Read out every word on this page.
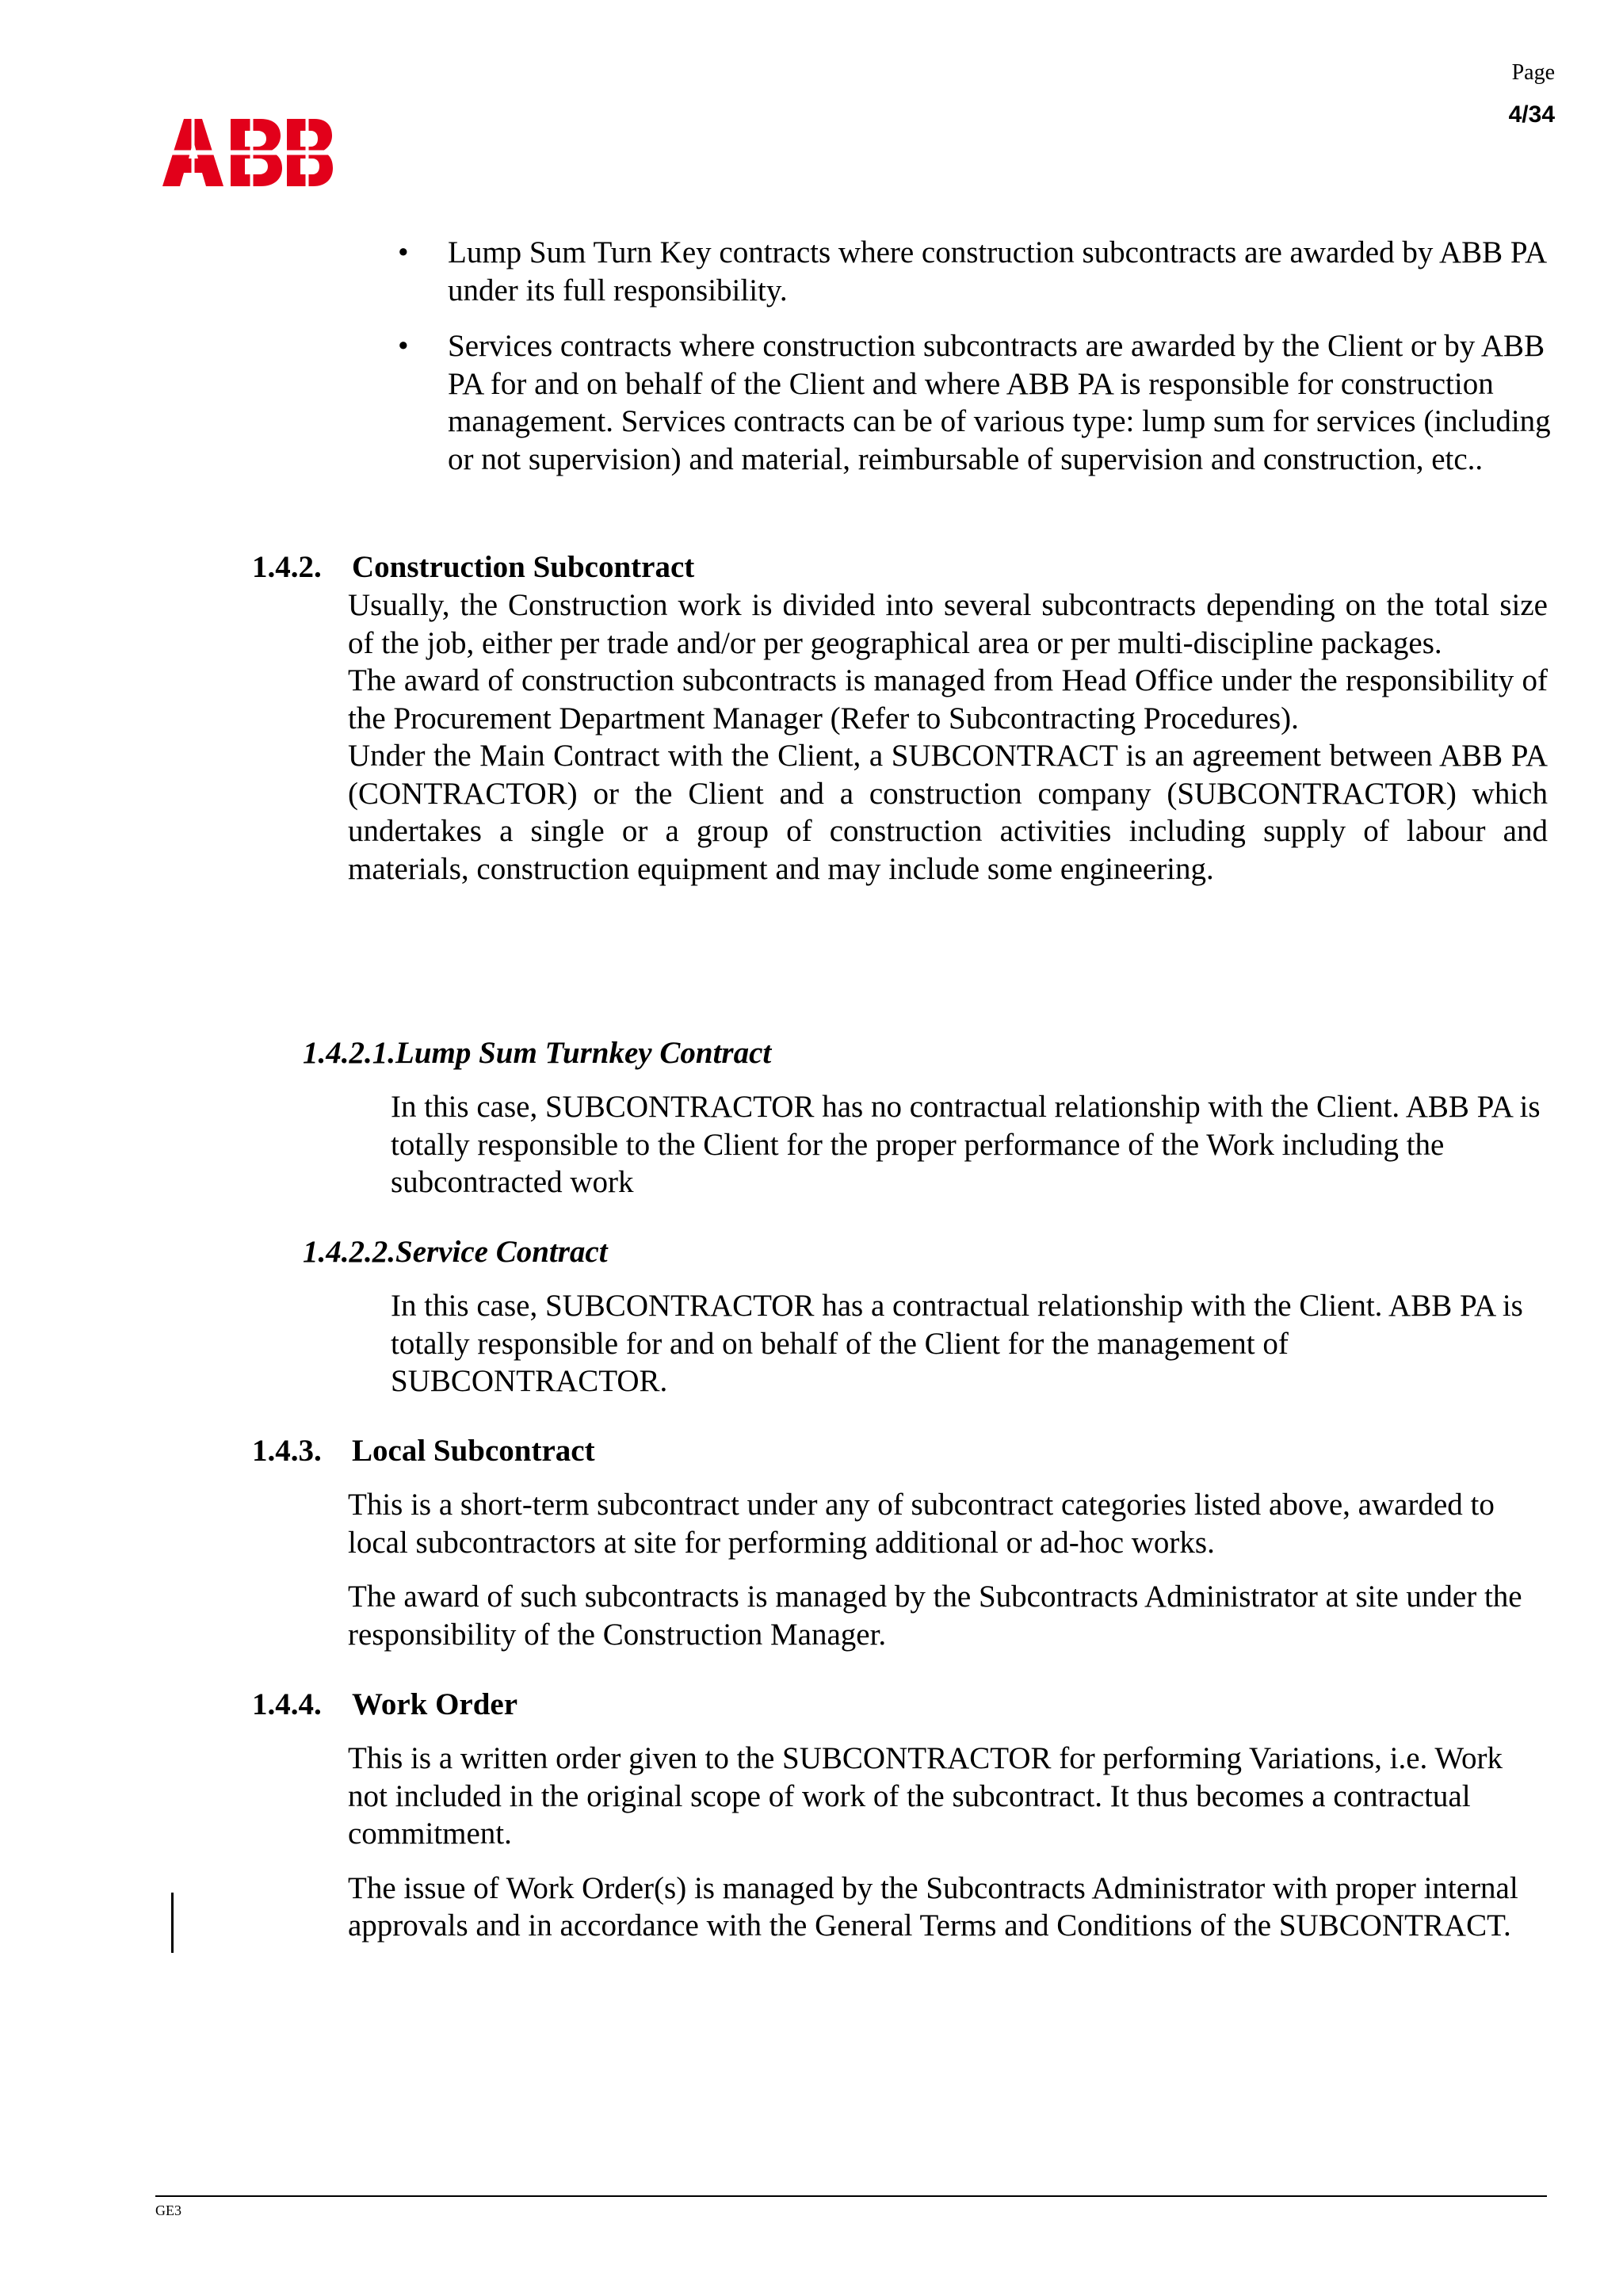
Page
4/34
• Lump Sum Turn Key contracts where construction subcontracts are awarded by ABB PA under its full responsibility.
• Services contracts where construction subcontracts are awarded by the Client or by ABB PA for and on behalf of the Client and where ABB PA is responsible for construction management. Services contracts can be of various type: lump sum for services (including or not supervision) and material, reimbursable of supervision and construction, etc..
1.4.2. Construction Subcontract

Usually, the Construction work is divided into several subcontracts depending on the total size of the job, either per trade and/or per geographical area or per multi-discipline packages.

The award of construction subcontracts is managed from Head Office under the responsibility of the Procurement Department Manager (Refer to Subcontracting Procedures).

Under the Main Contract with the Client, a SUBCONTRACT is an agreement between ABB PA (CONTRACTOR) or the Client and a construction company (SUBCONTRACTOR) which undertakes a single or a group of construction activities including supply of labour and materials, construction equipment and may include some engineering.

1.4.2.1.Lump Sum Turnkey Contract

In this case, SUBCONTRACTOR has no contractual relationship with the Client. ABB PA is totally responsible to the Client for the proper performance of the Work including the subcontracted work

1.4.2.2.Service Contract

In this case, SUBCONTRACTOR has a contractual relationship with the Client. ABB PA is totally responsible for and on behalf of the Client for the management of SUBCONTRACTOR.

1.4.3. Local Subcontract

This is a short-term subcontract under any of subcontract categories listed above, awarded to local subcontractors at site for performing additional or ad-hoc works.

The award of such subcontracts is managed by the Subcontracts Administrator at site under the responsibility of the Construction Manager.

1.4.4. Work Order

This is a written order given to the SUBCONTRACTOR for performing Variations, i.e. Work not included in the original scope of work of the subcontract. It thus becomes a contractual commitment.

The issue of Work Order(s) is managed by the Subcontracts Administrator with proper internal approvals and in accordance with the General Terms and Conditions of the SUBCONTRACT.

GE3
